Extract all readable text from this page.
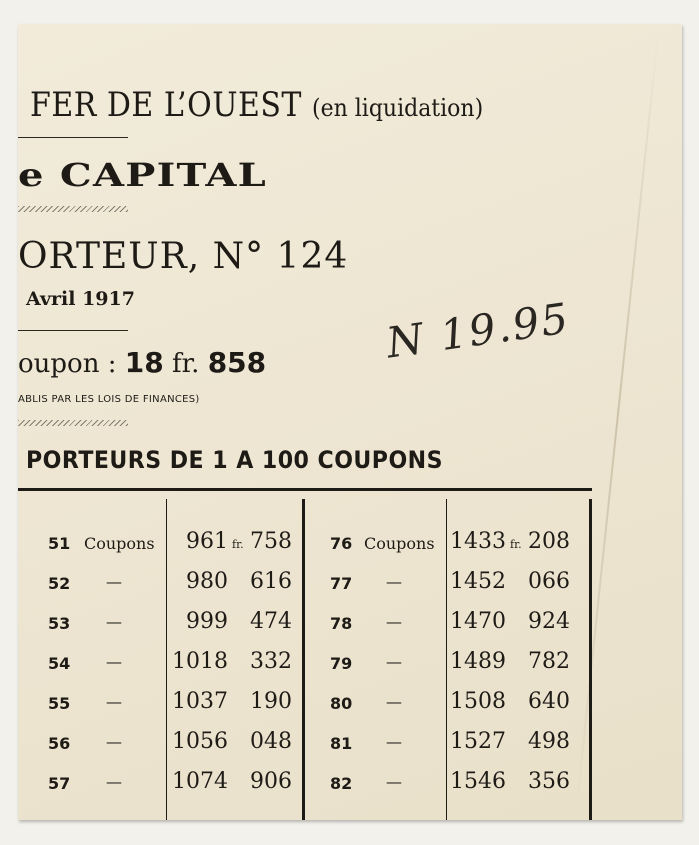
FER DE L’OUEST (en liquidation)
e CAPITAL
ORTEUR, N° 124
Avril 1917
oupon : 18 fr. 858
ABLIS PAR LES LOIS DE FINANCES)
PORTEURS DE 1 A 100 COUPONS
N 19.95
51 Coupons	961 fr. 758 76 Coupons 1433 fr. 208
52 —	980 616 77 — 1452 066
53 —	999 474 78 — 1470 924
54 — 1018 332 79 — 1489 782
55 — 1037 190 80 — 1508 640
56 — 1056 048 81 — 1527 498
57 — 1074 906 82 — 1546 356
